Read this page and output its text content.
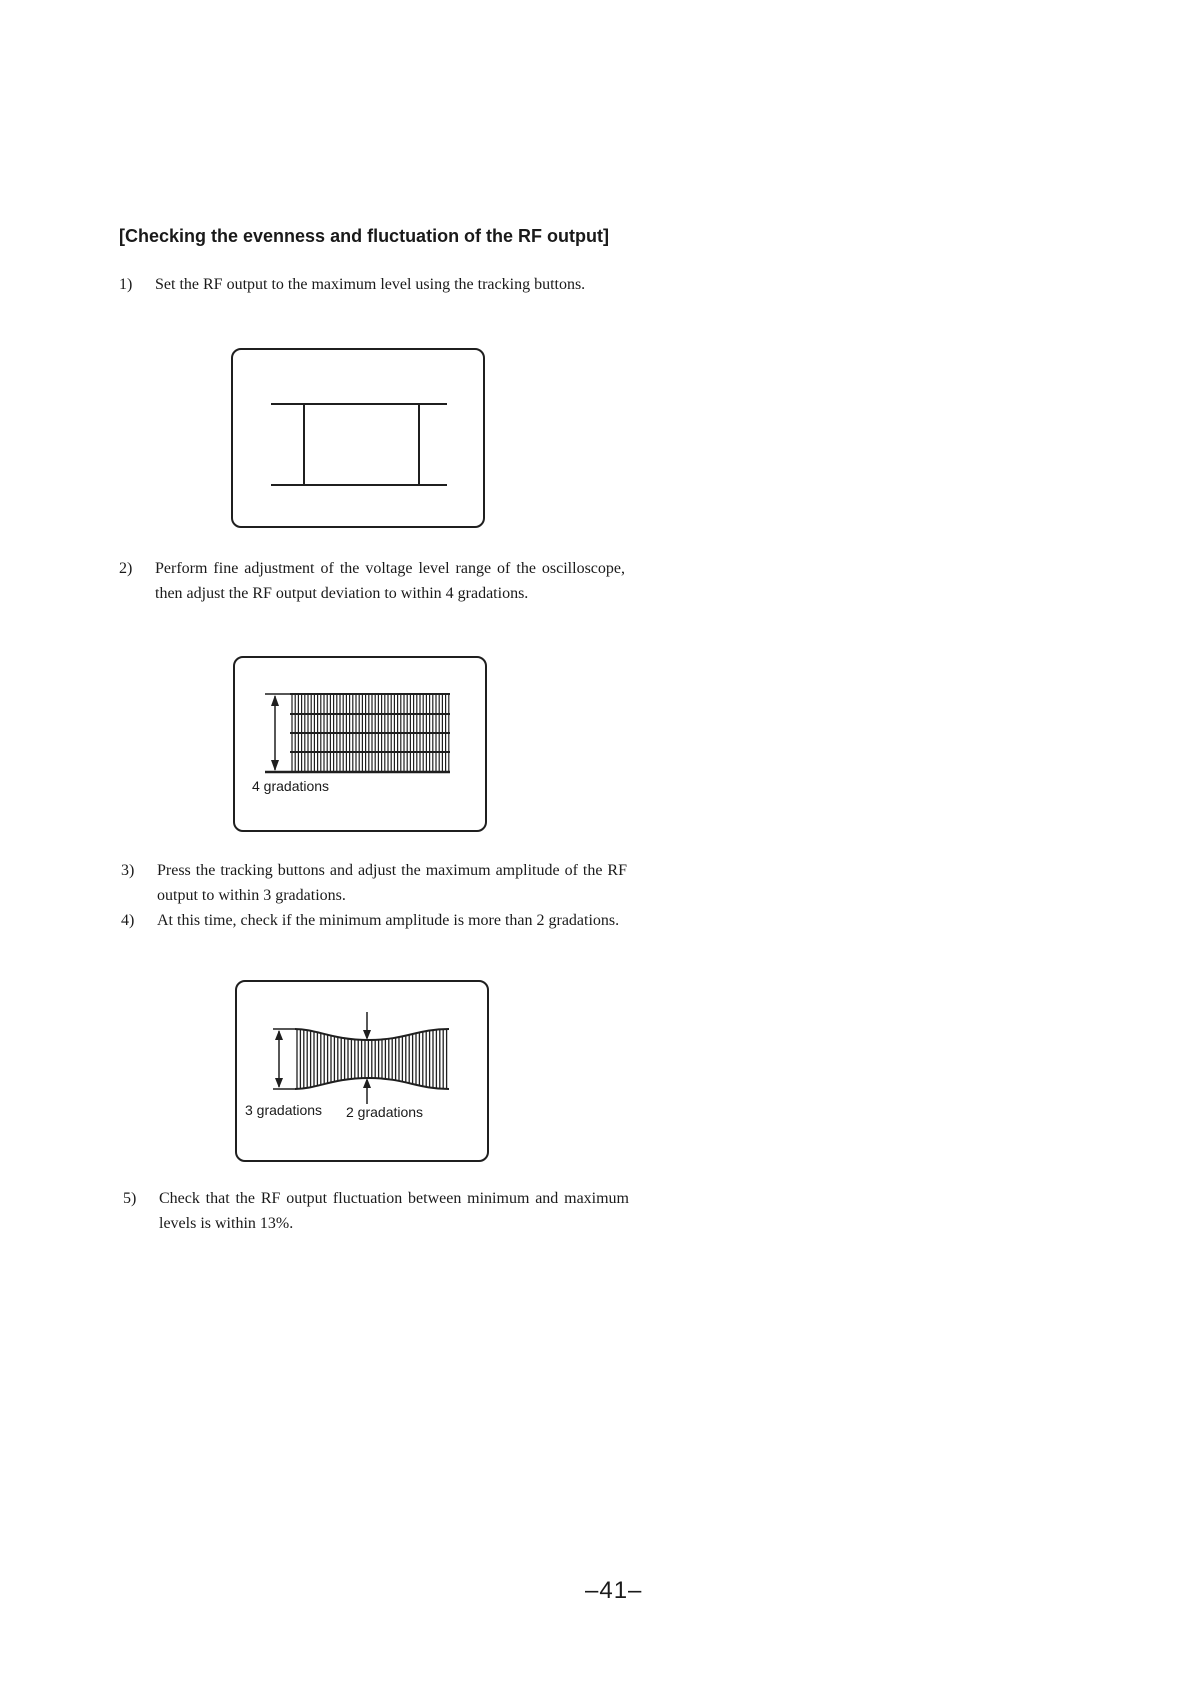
[Checking the evenness and fluctuation of the RF output]
1) Set the RF output to the maximum level using the tracking buttons.
2) Perform fine adjustment of the voltage level range of the oscilloscope, then adjust the RF output deviation to within 4 gradations.
4 gradations
3) Press the tracking buttons and adjust the maximum amplitude of the RF output to within 3 gradations.
4) At this time, check if the minimum amplitude is more than 2 gradations.
3 gradations 2 gradations
5) Check that the RF output fluctuation between minimum and maximum levels is within 13%.
–41–
